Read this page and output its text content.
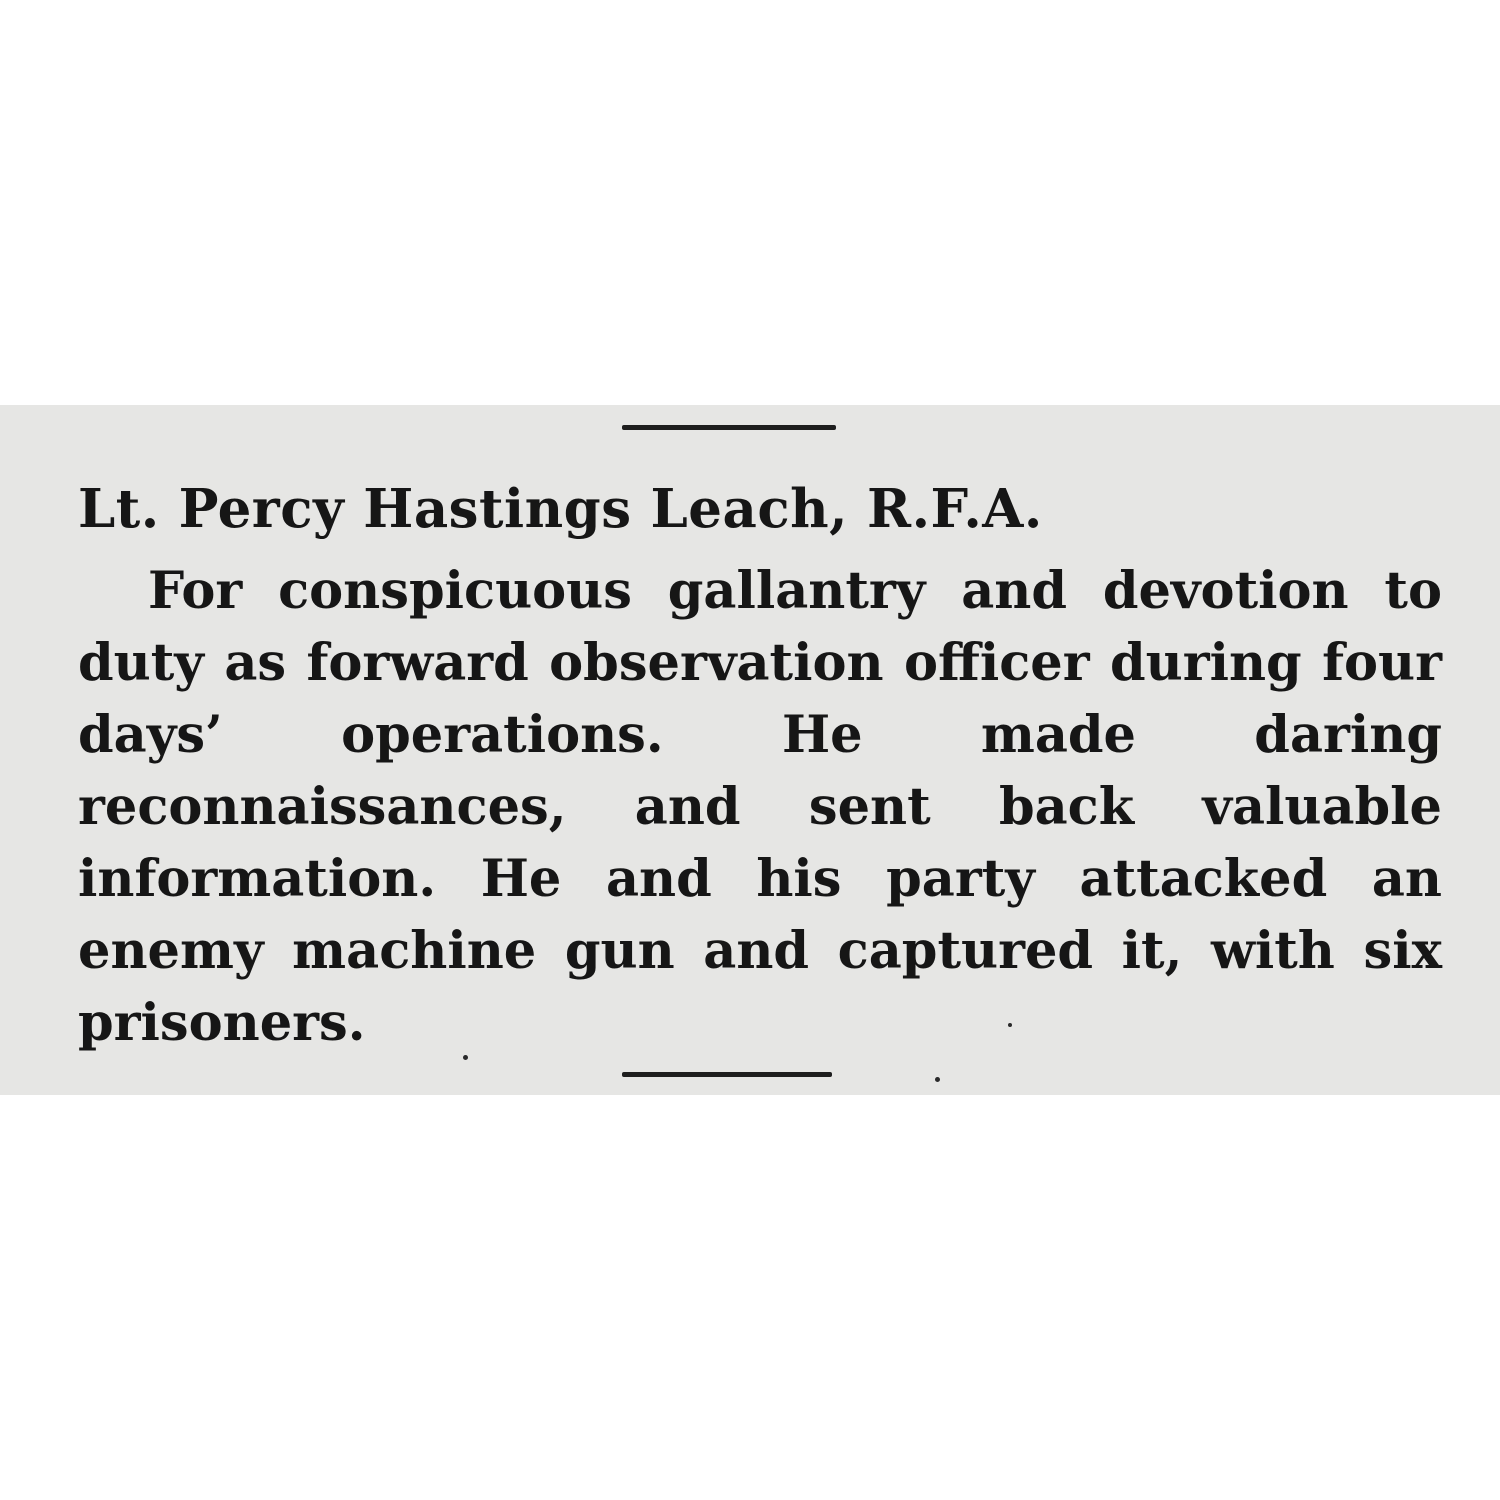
Lt. Percy Hastings Leach, R.F.A.

For conspicuous gallantry and devotion to duty as forward observation officer during four days’ operations. He made daring reconnaissances, and sent back valuable information. He and his party attacked an enemy machine gun and captured it, with six prisoners.
